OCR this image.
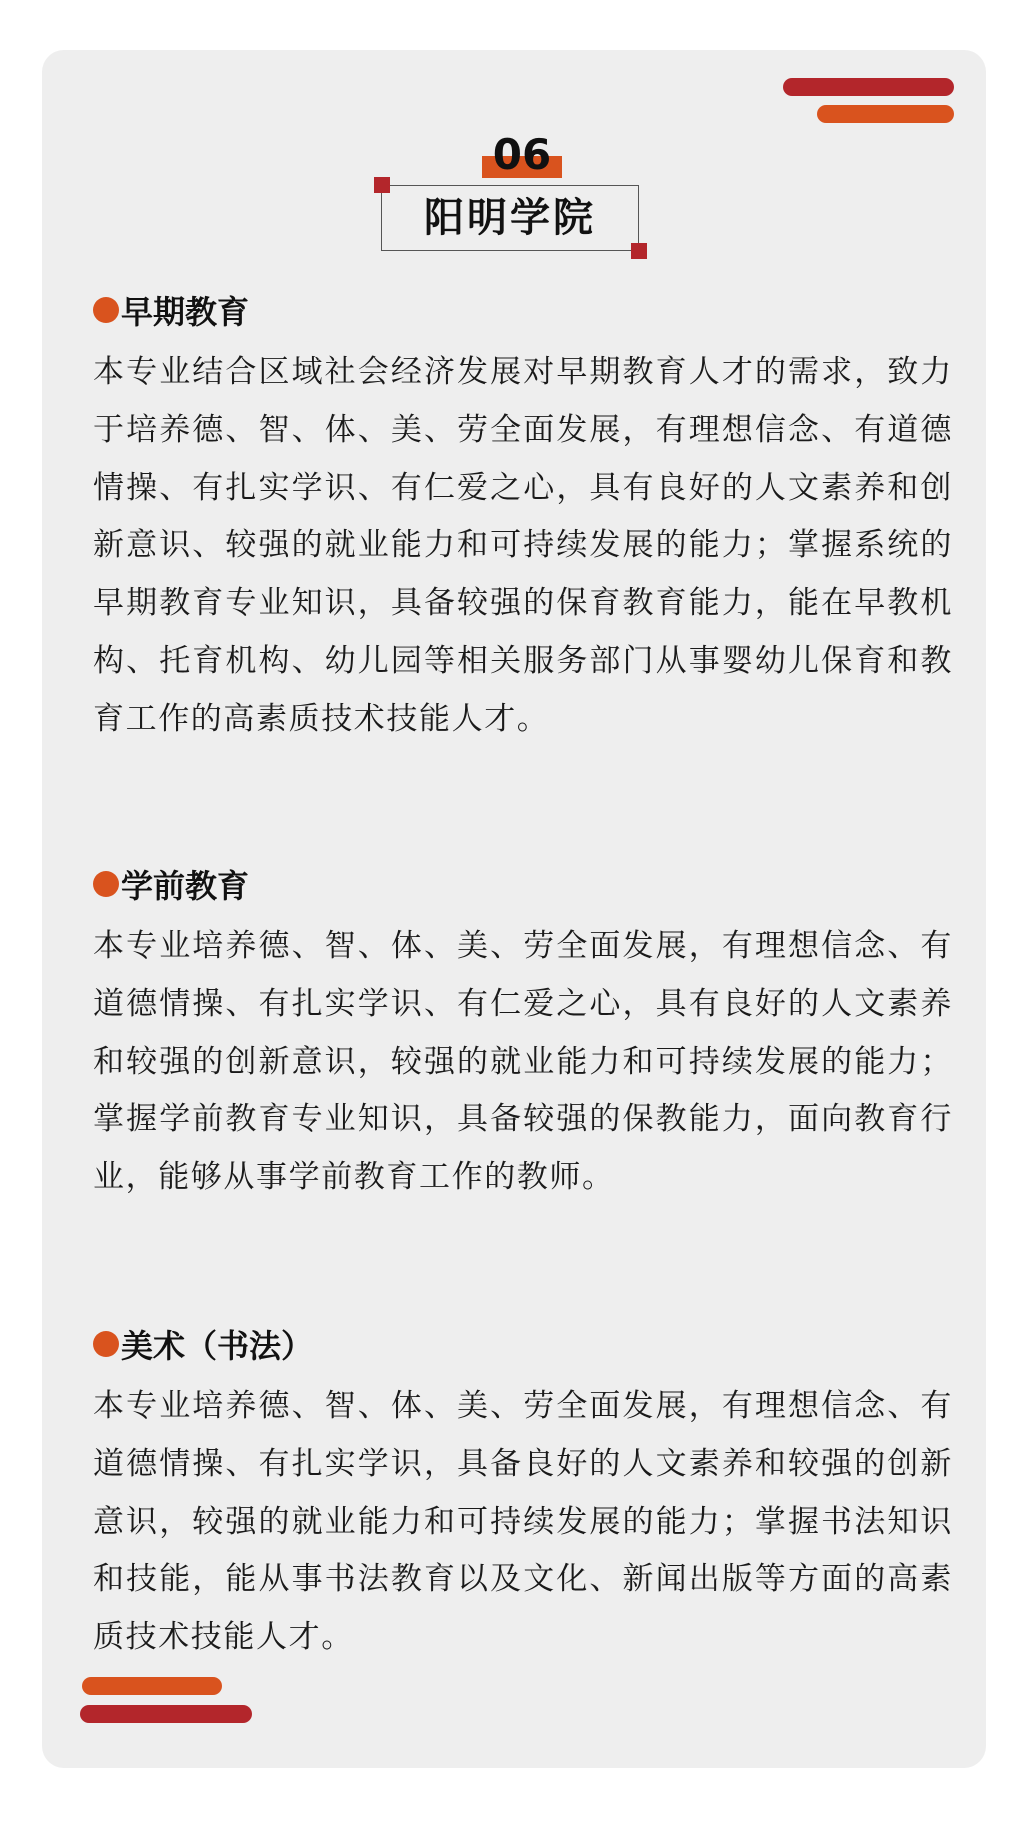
06
阳明学院
早期教育
本专业结合区域社会经济发展对早期教育人才的需求，致力于培养德、智、体、美、劳全面发展，有理想信念、有道德情操、有扎实学识、有仁爱之心，具有良好的人文素养和创新意识、较强的就业能力和可持续发展的能力；掌握系统的早期教育专业知识，具备较强的保育教育能力，能在早教机构、托育机构、幼儿园等相关服务部门从事婴幼儿保育和教育工作的高素质技术技能人才。
学前教育
本专业培养德、智、体、美、劳全面发展，有理想信念、有道德情操、有扎实学识、有仁爱之心，具有良好的人文素养和较强的创新意识，较强的就业能力和可持续发展的能力；掌握学前教育专业知识，具备较强的保教能力，面向教育行业，能够从事学前教育工作的教师。
美术（书法）
本专业培养德、智、体、美、劳全面发展，有理想信念、有道德情操、有扎实学识，具备良好的人文素养和较强的创新意识，较强的就业能力和可持续发展的能力；掌握书法知识和技能，能从事书法教育以及文化、新闻出版等方面的高素质技术技能人才。
